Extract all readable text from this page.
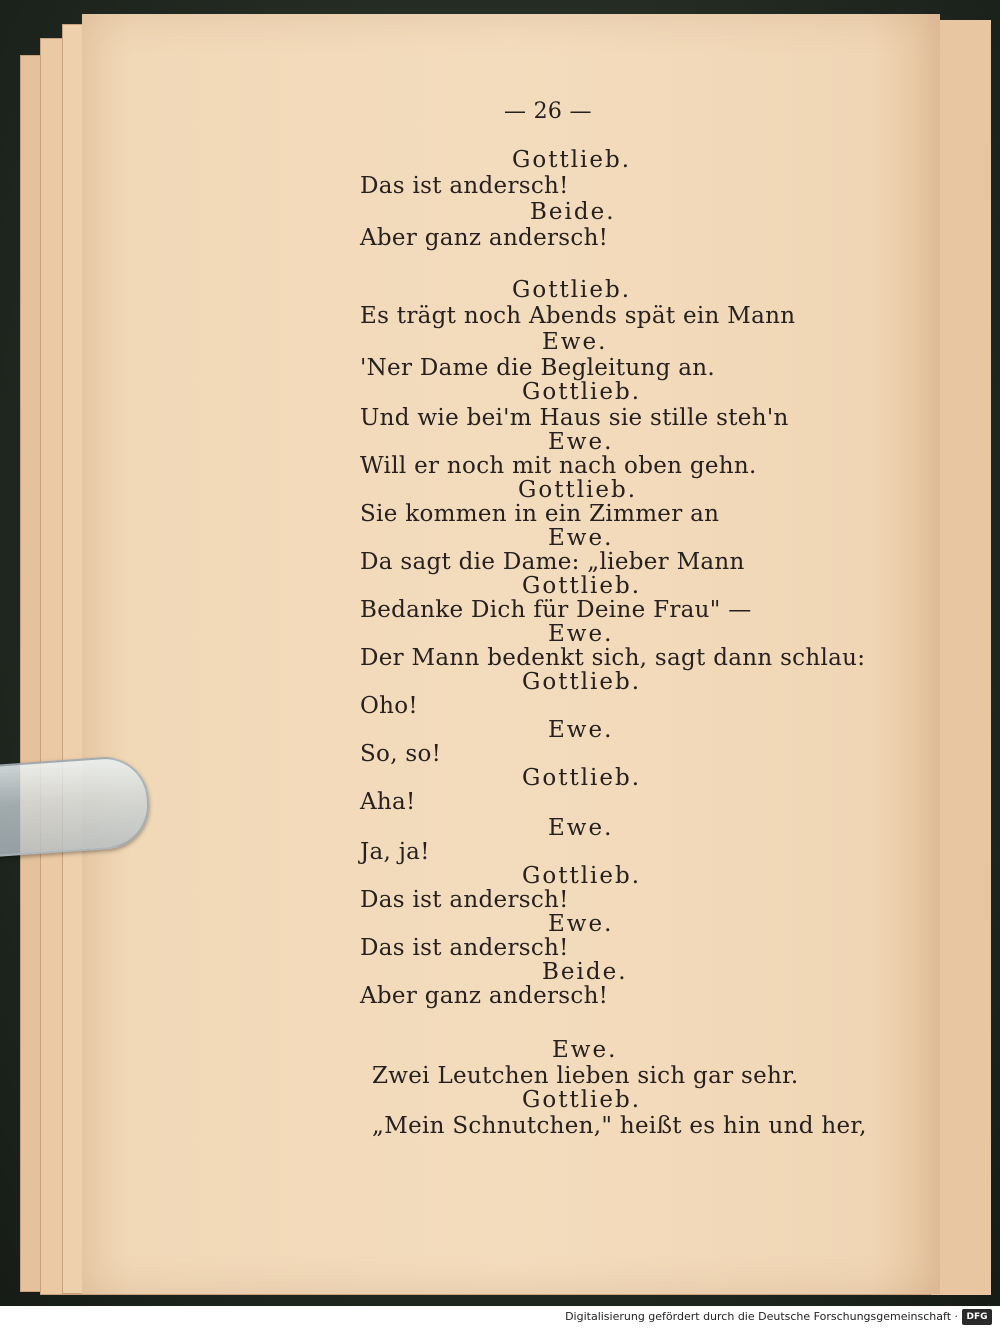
— 26 —
Gottlieb.
Das ist andersch!
Beide.
Aber ganz andersch!
Gottlieb.
Es trägt noch Abends spät ein Mann
Ewe.
'Ner Dame die Begleitung an.
Gottlieb.
Und wie bei'm Haus sie stille steh'n
Ewe.
Will er noch mit nach oben gehn.
Gottlieb.
Sie kommen in ein Zimmer an
Ewe.
Da sagt die Dame: „lieber Mann
Gottlieb.
Bedanke Dich für Deine Frau" —
Ewe.
Der Mann bedenkt sich, sagt dann schlau:
Gottlieb.
Oho!
Ewe.
So, so!
Gottlieb.
Aha!
Ewe.
Ja, ja!
Gottlieb.
Das ist andersch!
Ewe.
Das ist andersch!
Beide.
Aber ganz andersch!
Ewe.
Zwei Leutchen lieben sich gar sehr.
Gottlieb.
„Mein Schnutchen," heißt es hin und her,
Digitalisierung gefördert durch die Deutsche Forschungsgemeinschaft · DFG
